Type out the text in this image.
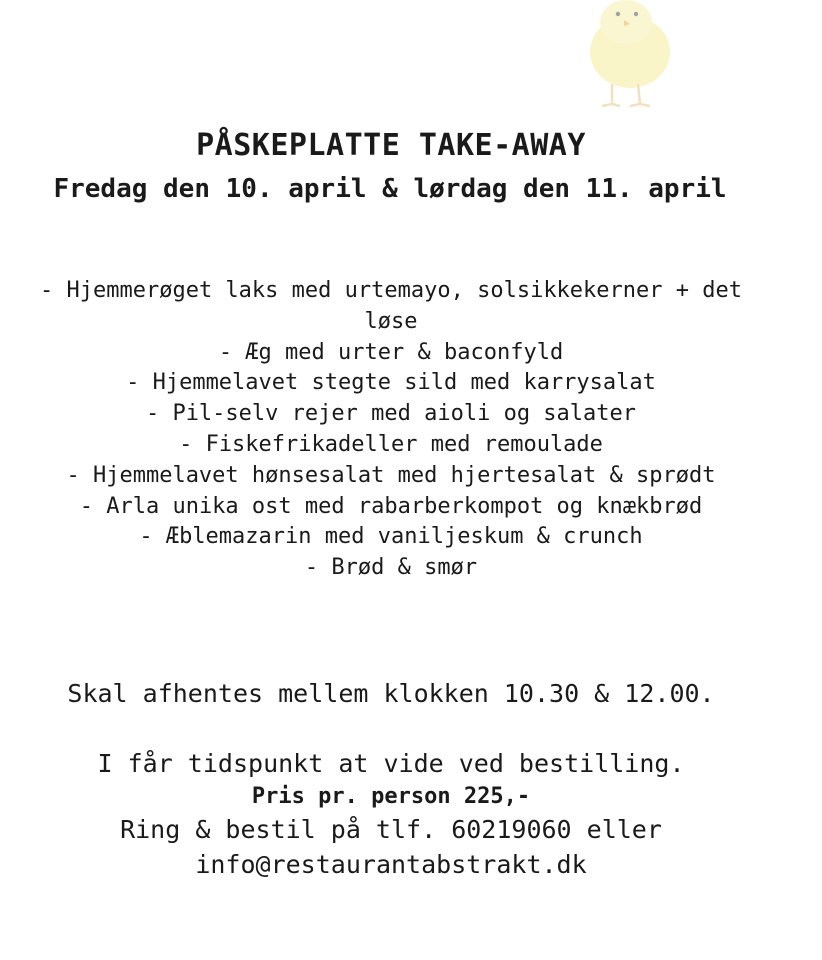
PÅSKEPLATTE TAKE-AWAY
Fredag den 10. april & lørdag den 11. april
- Hjemmerøget laks med urtemayo, solsikkekerner + det løse
- Æg med urter & baconfyld
- Hjemmelavet stegte sild med karrysalat
- Pil-selv rejer med aioli og salater
- Fiskefrikadeller med remoulade
- Hjemmelavet hønsesalat med hjertesalat & sprødt
- Arla unika ost med rabarberkompot og knækbrød
- Æblemazarin med vaniljeskum & crunch
- Brød & smør
Skal afhentes mellem klokken 10.30 & 12.00.
I får tidspunkt at vide ved bestilling.
Pris pr. person 225,-
Ring & bestil på tlf. 60219060 eller
info@restaurantabstrakt.dk
